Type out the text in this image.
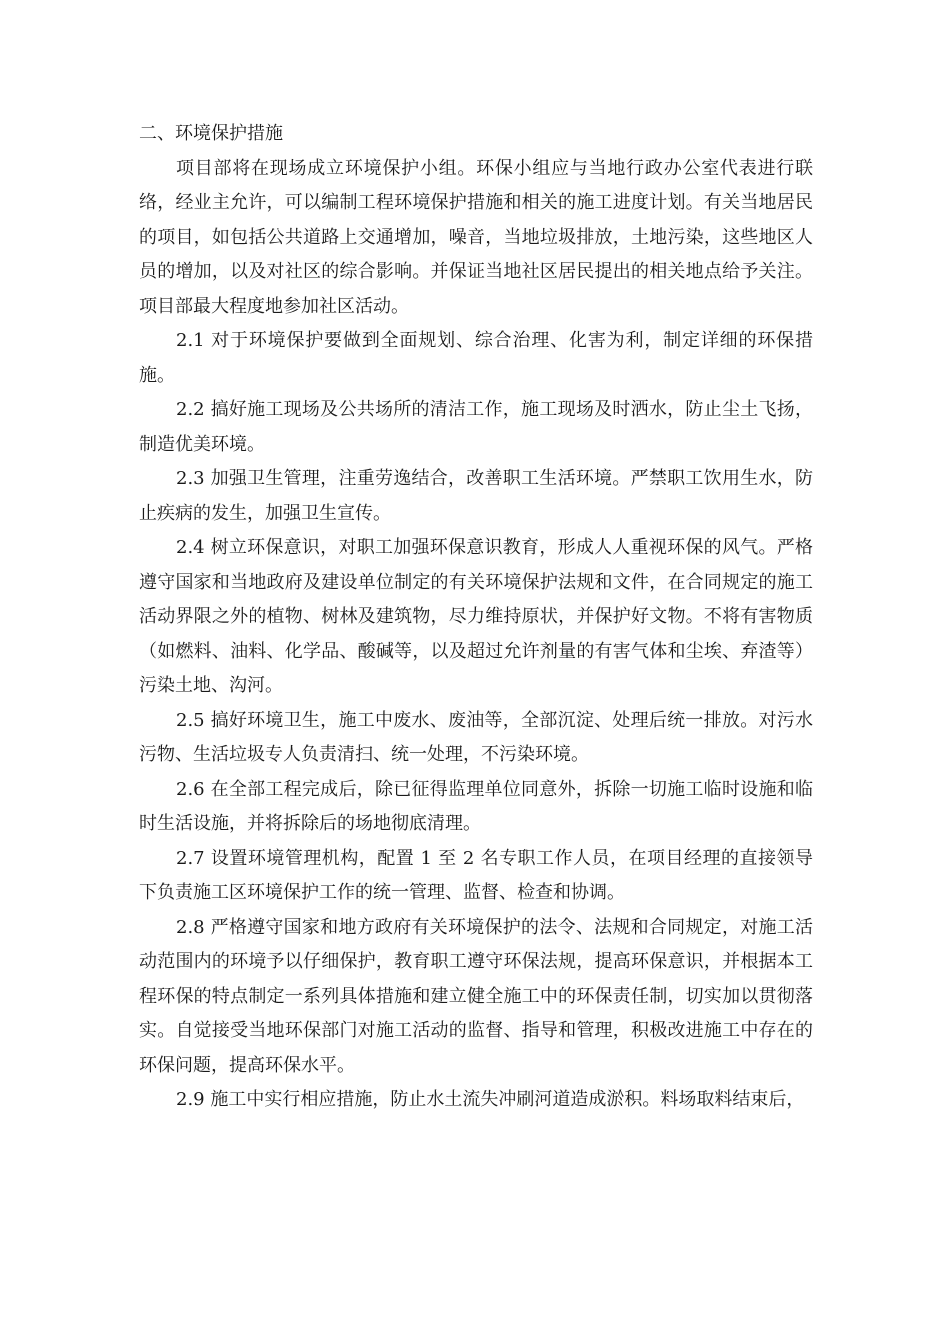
二、环境保护措施

项目部将在现场成立环境保护小组。环保小组应与当地行政办公室代表进行联络，经业主允许，可以编制工程环境保护措施和相关的施工进度计划。有关当地居民的项目，如包括公共道路上交通增加，噪音，当地垃圾排放，土地污染，这些地区人员的增加，以及对社区的综合影响。并保证当地社区居民提出的相关地点给予关注。项目部最大程度地参加社区活动。

2.1 对于环境保护要做到全面规划、综合治理、化害为利，制定详细的环保措施。

2.2 搞好施工现场及公共场所的清洁工作，施工现场及时洒水，防止尘土飞扬，制造优美环境。

2.3 加强卫生管理，注重劳逸结合，改善职工生活环境。严禁职工饮用生水，防止疾病的发生，加强卫生宣传。

2.4 树立环保意识，对职工加强环保意识教育，形成人人重视环保的风气。严格遵守国家和当地政府及建设单位制定的有关环境保护法规和文件，在合同规定的施工活动界限之外的植物、树林及建筑物，尽力维持原状，并保护好文物。不将有害物质（如燃料、油料、化学品、酸碱等，以及超过允许剂量的有害气体和尘埃、弃渣等）污染土地、沟河。

2.5 搞好环境卫生，施工中废水、废油等，全部沉淀、处理后统一排放。对污水污物、生活垃圾专人负责清扫、统一处理，不污染环境。

2.6 在全部工程完成后，除已征得监理单位同意外，拆除一切施工临时设施和临时生活设施，并将拆除后的场地彻底清理。

2.7 设置环境管理机构，配置 1 至 2 名专职工作人员，在项目经理的直接领导下负责施工区环境保护工作的统一管理、监督、检查和协调。

2.8 严格遵守国家和地方政府有关环境保护的法令、法规和合同规定，对施工活动范围内的环境予以仔细保护，教育职工遵守环保法规，提高环保意识，并根据本工程环保的特点制定一系列具体措施和建立健全施工中的环保责任制，切实加以贯彻落实。自觉接受当地环保部门对施工活动的监督、指导和管理，积极改进施工中存在的环保问题，提高环保水平。

2.9 施工中实行相应措施，防止水土流失冲刷河道造成淤积。料场取料结束后，
